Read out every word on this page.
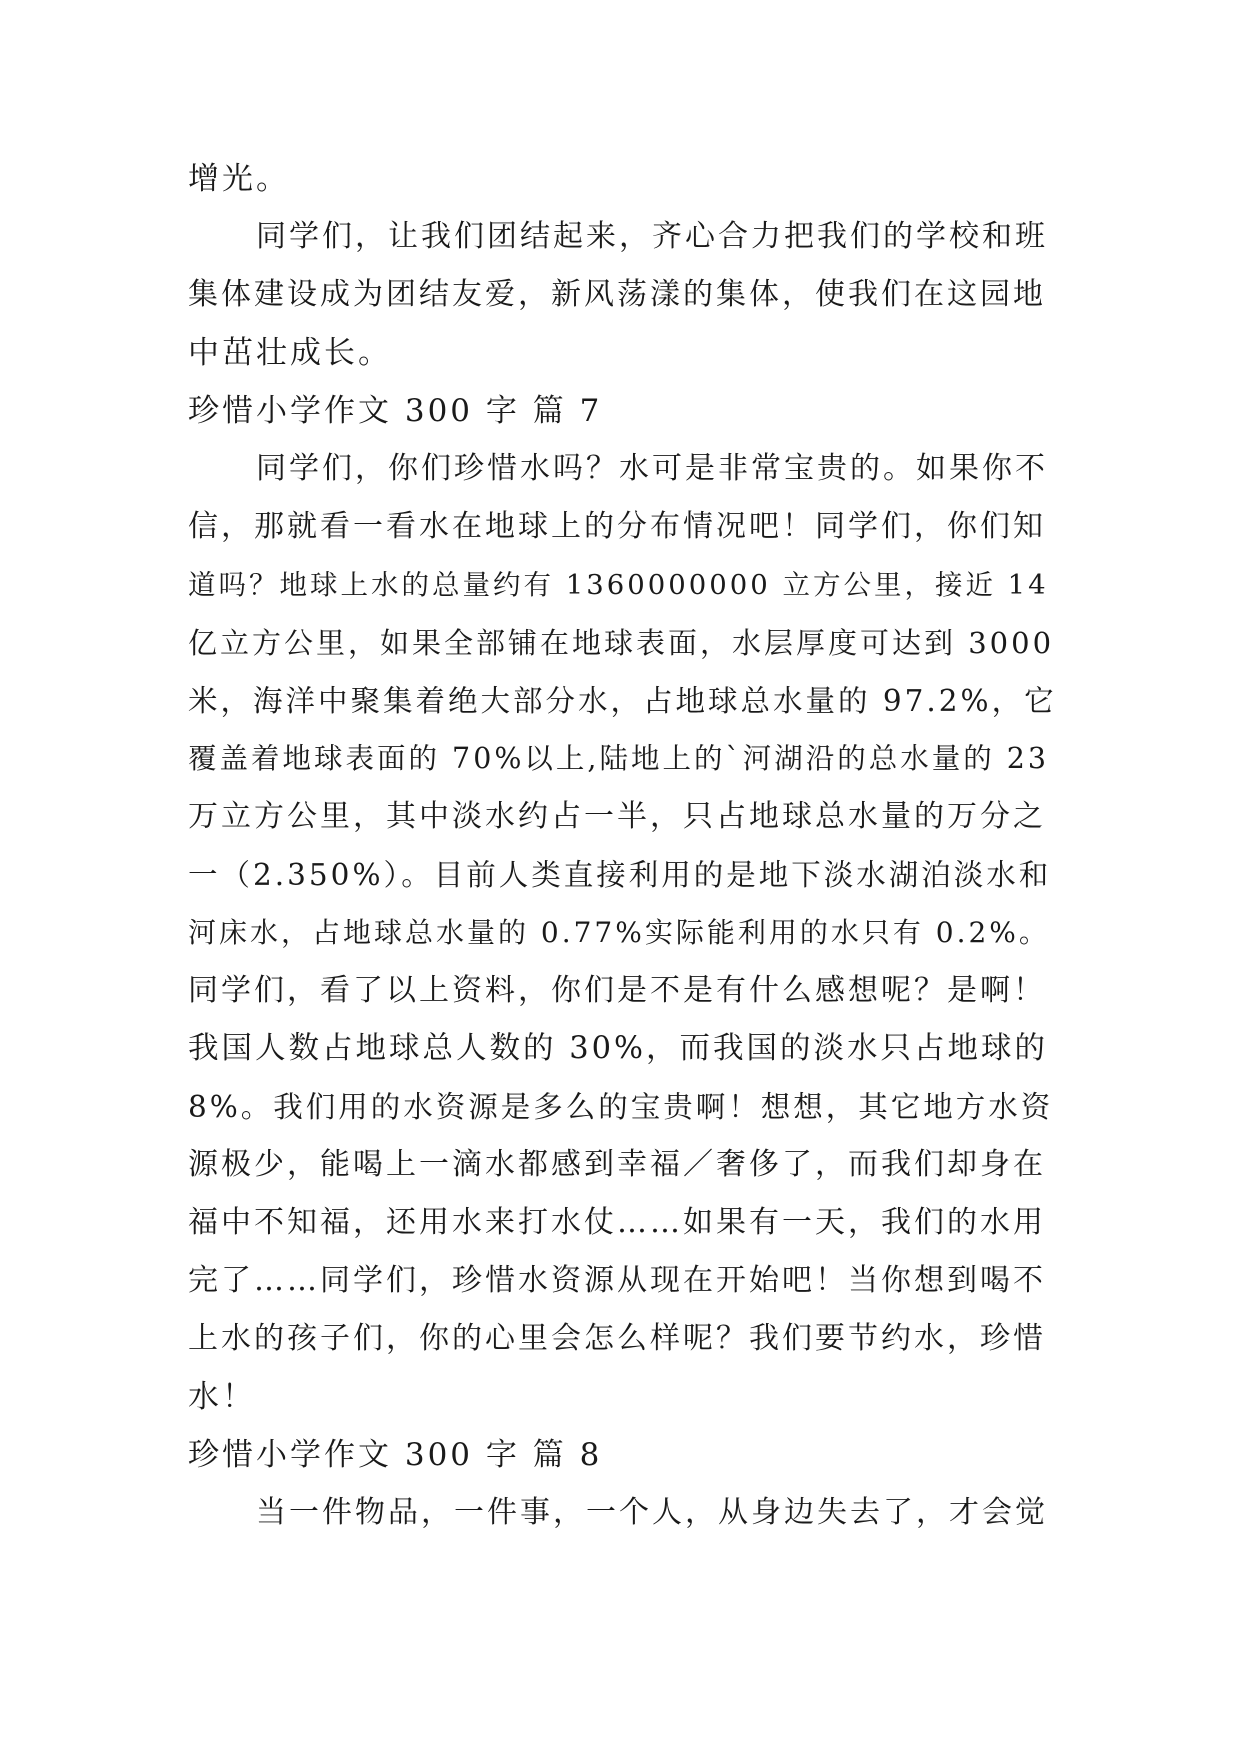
增光。
同学们，让我们团结起来，齐心合力把我们的学校和班
集体建设成为团结友爱，新风荡漾的集体，使我们在这园地
中茁壮成长。
珍惜小学作文 300 字 篇 7
同学们，你们珍惜水吗？水可是非常宝贵的。如果你不
信，那就看一看水在地球上的分布情况吧！同学们，你们知
道吗？地球上水的总量约有 1360000000 立方公里，接近 14
亿立方公里，如果全部铺在地球表面，水层厚度可达到 3000
米，海洋中聚集着绝大部分水，占地球总水量的 97.2%，它
覆盖着地球表面的 70%以上,陆地上的`河湖沿的总水量的 23
万立方公里，其中淡水约占一半，只占地球总水量的万分之
一（2.350%）。目前人类直接利用的是地下淡水湖泊淡水和
河床水，占地球总水量的 0.77%实际能利用的水只有 0.2%。
同学们，看了以上资料，你们是不是有什么感想呢？是啊！
我国人数占地球总人数的 30%，而我国的淡水只占地球的
8%。我们用的水资源是多么的宝贵啊！想想，其它地方水资
源极少，能喝上一滴水都感到幸福／奢侈了，而我们却身在
福中不知福，还用水来打水仗……如果有一天，我们的水用
完了……同学们，珍惜水资源从现在开始吧！当你想到喝不
上水的孩子们，你的心里会怎么样呢？我们要节约水，珍惜
水！
珍惜小学作文 300 字 篇 8
当一件物品，一件事，一个人，从身边失去了，才会觉
